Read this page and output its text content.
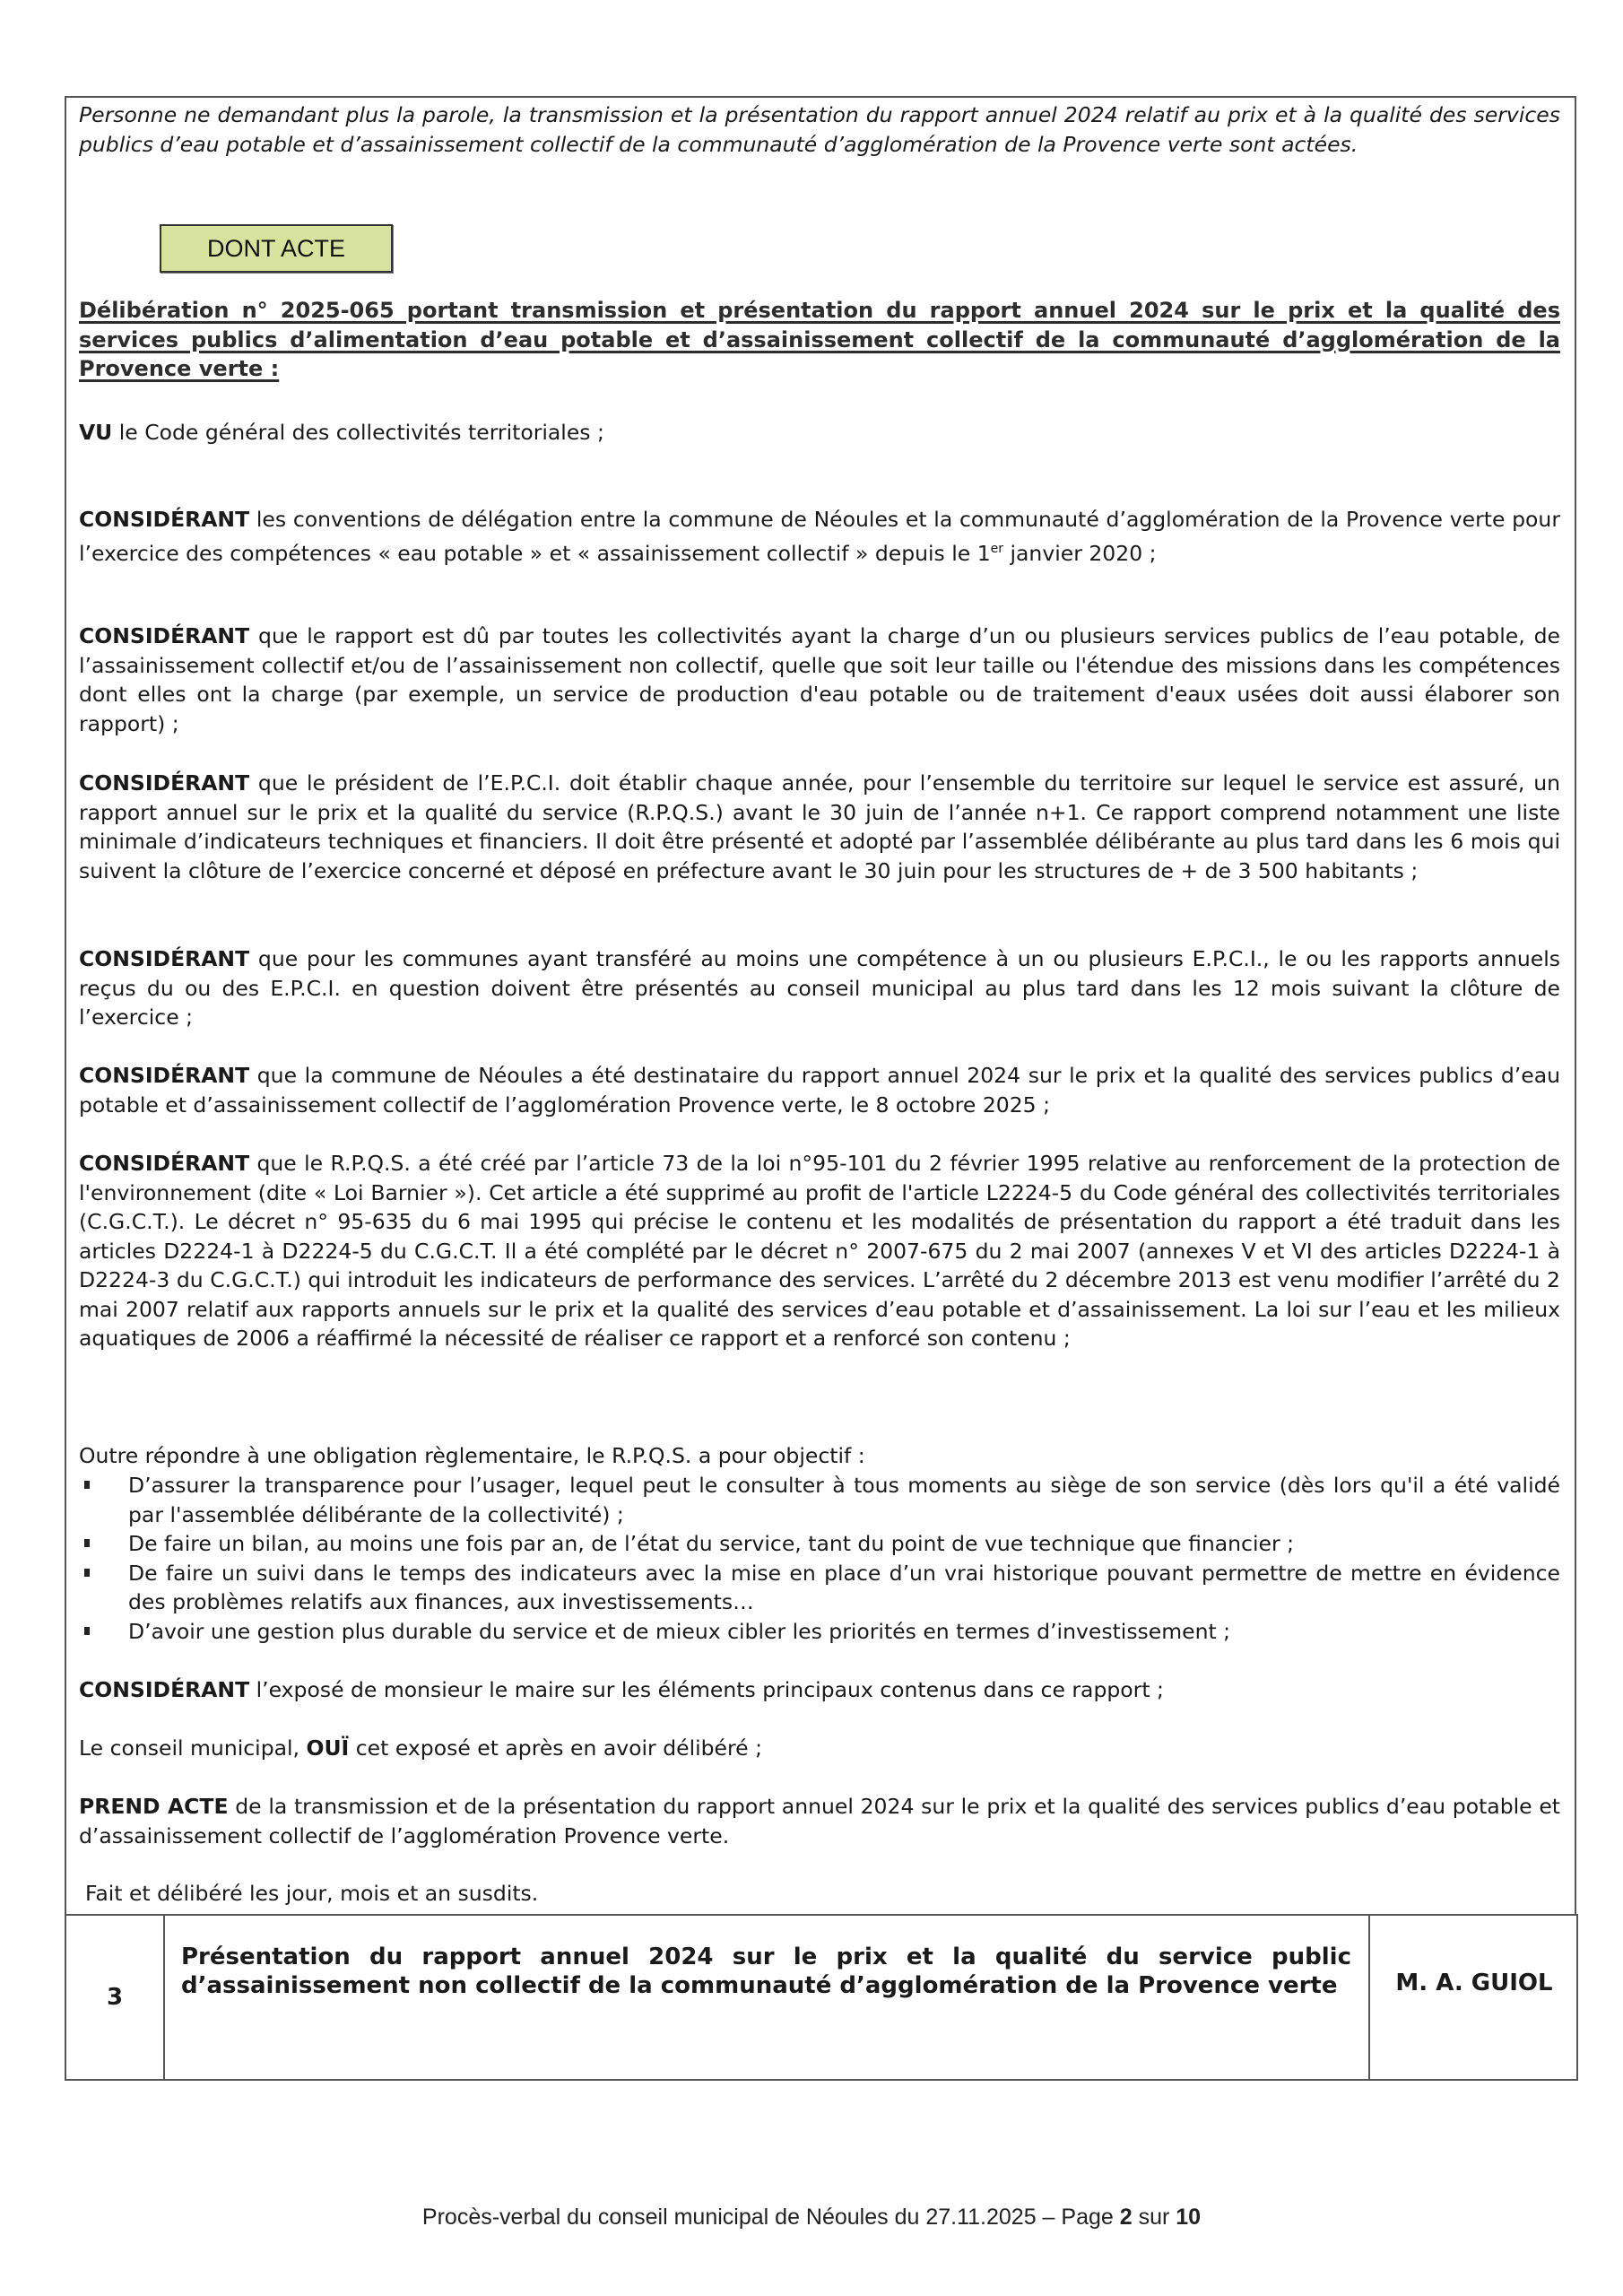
Personne ne demandant plus la parole, la transmission et la présentation du rapport annuel 2024 relatif au prix et à la qualité des services publics d’eau potable et d’assainissement collectif de la communauté d’agglomération de la Provence verte sont actées.

DONT ACTE
Délibération n° 2025-065 portant transmission et présentation du rapport annuel 2024 sur le prix et la qualité des services publics d’alimentation d’eau potable et d’assainissement collectif de la communauté d’agglomération de la Provence verte :
VU le Code général des collectivités territoriales ;
CONSIDÉRANT les conventions de délégation entre la commune de Néoules et la communauté d’agglomération de la Provence verte pour l’exercice des compétences « eau potable » et « assainissement collectif » depuis le 1er janvier 2020 ;
CONSIDÉRANT que le rapport est dû par toutes les collectivités ayant la charge d’un ou plusieurs services publics de l’eau potable, de l’assainissement collectif et/ou de l’assainissement non collectif, quelle que soit leur taille ou l'étendue des missions dans les compétences dont elles ont la charge (par exemple, un service de production d'eau potable ou de traitement d'eaux usées doit aussi élaborer son rapport) ;
CONSIDÉRANT que le président de l’E.P.C.I. doit établir chaque année, pour l’ensemble du territoire sur lequel le service est assuré, un rapport annuel sur le prix et la qualité du service (R.P.Q.S.) avant le 30 juin de l’année n+1. Ce rapport comprend notamment une liste minimale d’indicateurs techniques et financiers. Il doit être présenté et adopté par l’assemblée délibérante au plus tard dans les 6 mois qui suivent la clôture de l’exercice concerné et déposé en préfecture avant le 30 juin pour les structures de + de 3 500 habitants ;
CONSIDÉRANT que pour les communes ayant transféré au moins une compétence à un ou plusieurs E.P.C.I., le ou les rapports annuels reçus du ou des E.P.C.I. en question doivent être présentés au conseil municipal au plus tard dans les 12 mois suivant la clôture de l’exercice ;
CONSIDÉRANT que la commune de Néoules a été destinataire du rapport annuel 2024 sur le prix et la qualité des services publics d’eau potable et d’assainissement collectif de l’agglomération Provence verte, le 8 octobre 2025 ;
CONSIDÉRANT que le R.P.Q.S. a été créé par l’article 73 de la loi n°95-101 du 2 février 1995 relative au renforcement de la protection de l'environnement (dite « Loi Barnier »). Cet article a été supprimé au profit de l'article L2224-5 du Code général des collectivités territoriales (C.G.C.T.). Le décret n° 95-635 du 6 mai 1995 qui précise le contenu et les modalités de présentation du rapport a été traduit dans les articles D2224-1 à D2224-5 du C.G.C.T. Il a été complété par le décret n° 2007-675 du 2 mai 2007 (annexes V et VI des articles D2224-1 à D2224-3 du C.G.C.T.) qui introduit les indicateurs de performance des services. L’arrêté du 2 décembre 2013 est venu modifier l’arrêté du 2 mai 2007 relatif aux rapports annuels sur le prix et la qualité des services d’eau potable et d’assainissement. La loi sur l’eau et les milieux aquatiques de 2006 a réaffirmé la nécessité de réaliser ce rapport et a renforcé son contenu ;
Outre répondre à une obligation règlementaire, le R.P.Q.S. a pour objectif :
D’assurer la transparence pour l’usager, lequel peut le consulter à tous moments au siège de son service (dès lors qu'il a été validé par l'assemblée délibérante de la collectivité) ;
De faire un bilan, au moins une fois par an, de l’état du service, tant du point de vue technique que financier ;
De faire un suivi dans le temps des indicateurs avec la mise en place d’un vrai historique pouvant permettre de mettre en évidence des problèmes relatifs aux finances, aux investissements…
D’avoir une gestion plus durable du service et de mieux cibler les priorités en termes d’investissement ;
CONSIDÉRANT l’exposé de monsieur le maire sur les éléments principaux contenus dans ce rapport ;
Le conseil municipal, OUÏ cet exposé et après en avoir délibéré ;
PREND ACTE de la transmission et de la présentation du rapport annuel 2024 sur le prix et la qualité des services publics d’eau potable et d’assainissement collectif de l’agglomération Provence verte.
Fait et délibéré les jour, mois et an susdits.
3
Présentation du rapport annuel 2024 sur le prix et la qualité du service public d’assainissement non collectif de la communauté d’agglomération de la Provence verte	M. A. GUIOL
Procès-verbal du conseil municipal de Néoules du 27.11.2025 – Page 2 sur 10
